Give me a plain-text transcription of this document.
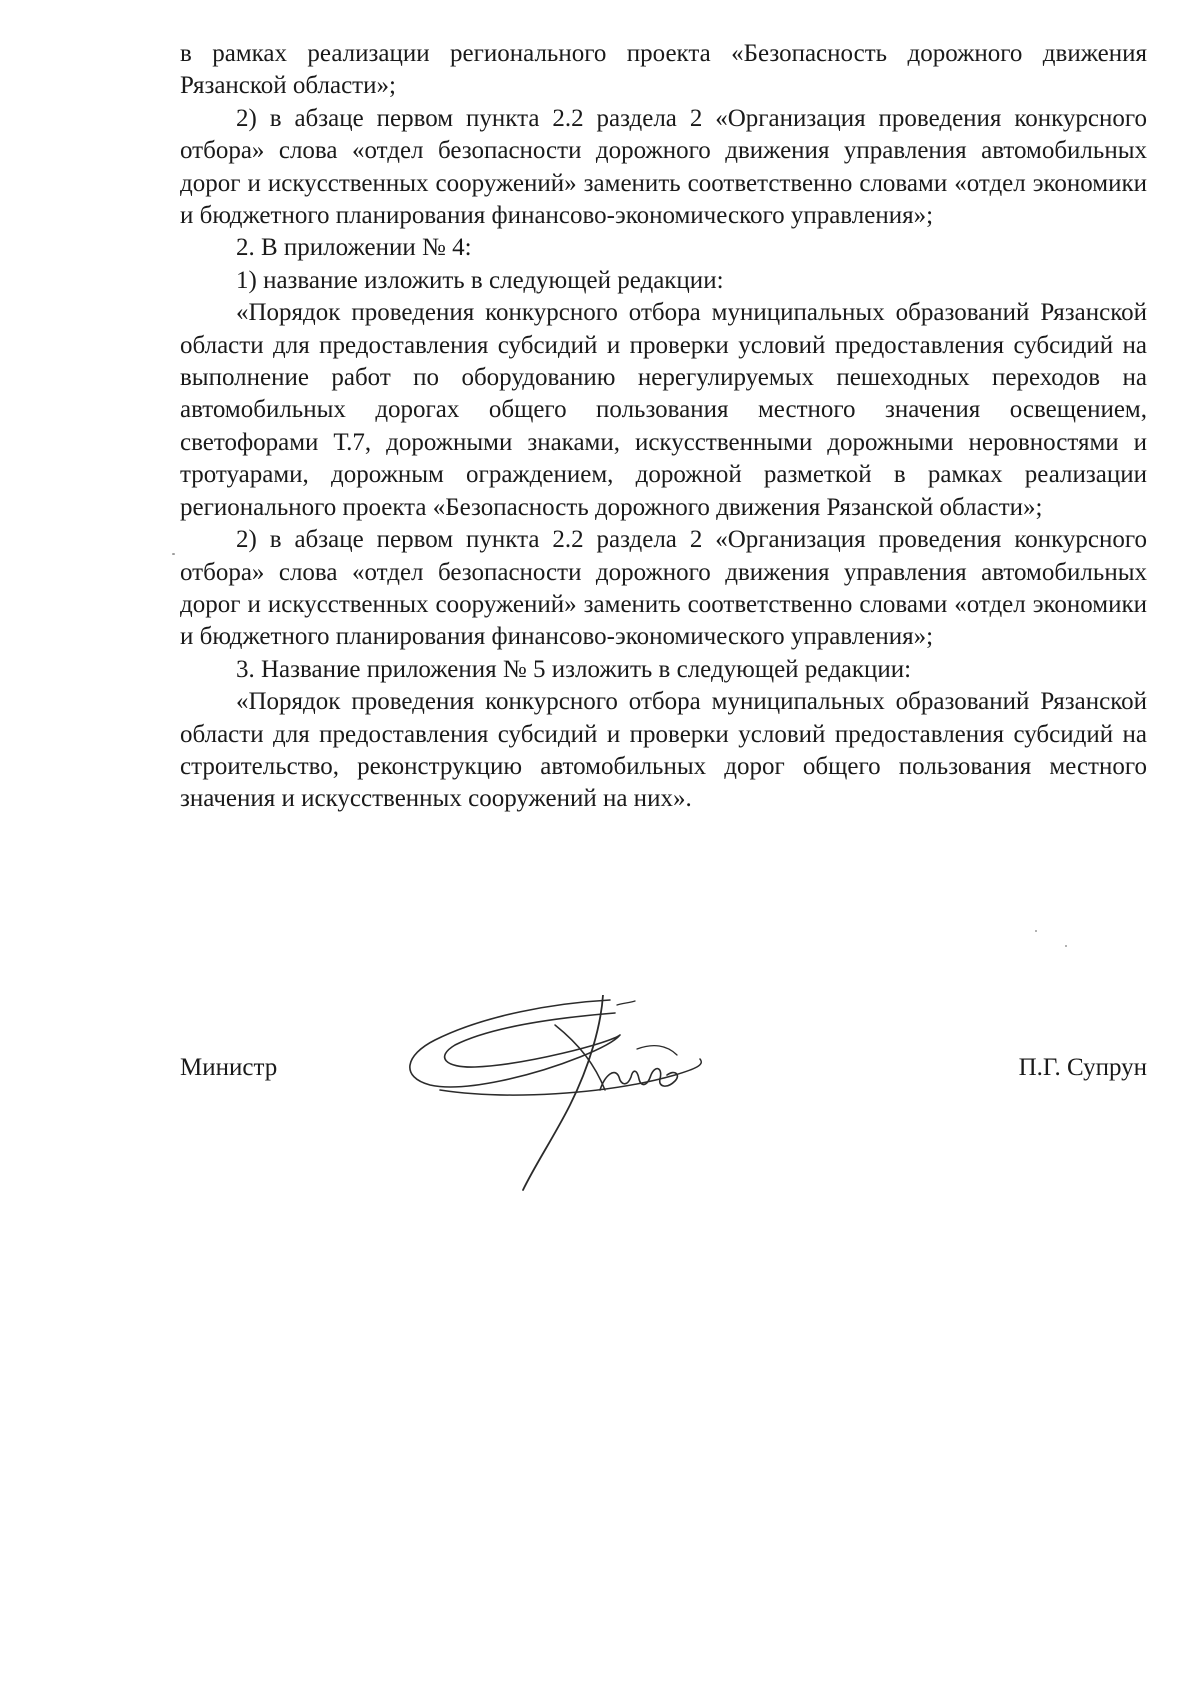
в рамках реализации регионального проекта «Безопасность дорожного движения Рязанской области»;

2) в абзаце первом пункта 2.2 раздела 2 «Организация проведения конкурсного отбора» слова «отдел безопасности дорожного движения управления автомобильных дорог и искусственных сооружений» заменить соответственно словами «отдел экономики и бюджетного планирования финансово-экономического управления»;

2. В приложении № 4:

1) название изложить в следующей редакции:

«Порядок проведения конкурсного отбора муниципальных образований Рязанской области для предоставления субсидий и проверки условий предоставления субсидий на выполнение работ по оборудованию нерегулируемых пешеходных переходов на автомобильных дорогах общего пользования местного значения освещением, светофорами Т.7, дорожными знаками, искусственными дорожными неровностями и тротуарами, дорожным ограждением, дорожной разметкой в рамках реализации регионального проекта «Безопасность дорожного движения Рязанской области»;

2) в абзаце первом пункта 2.2 раздела 2 «Организация проведения конкурсного отбора» слова «отдел безопасности дорожного движения управления автомобильных дорог и искусственных сооружений» заменить соответственно словами «отдел экономики и бюджетного планирования финансово-экономического управления»;

3. Название приложения № 5 изложить в следующей редакции:

«Порядок проведения конкурсного отбора муниципальных образований Рязанской области для предоставления субсидий и проверки условий предоставления субсидий на строительство, реконструкцию автомобильных дорог общего пользования местного значения и искусственных сооружений на них».

Министр	П.Г. Супрун
